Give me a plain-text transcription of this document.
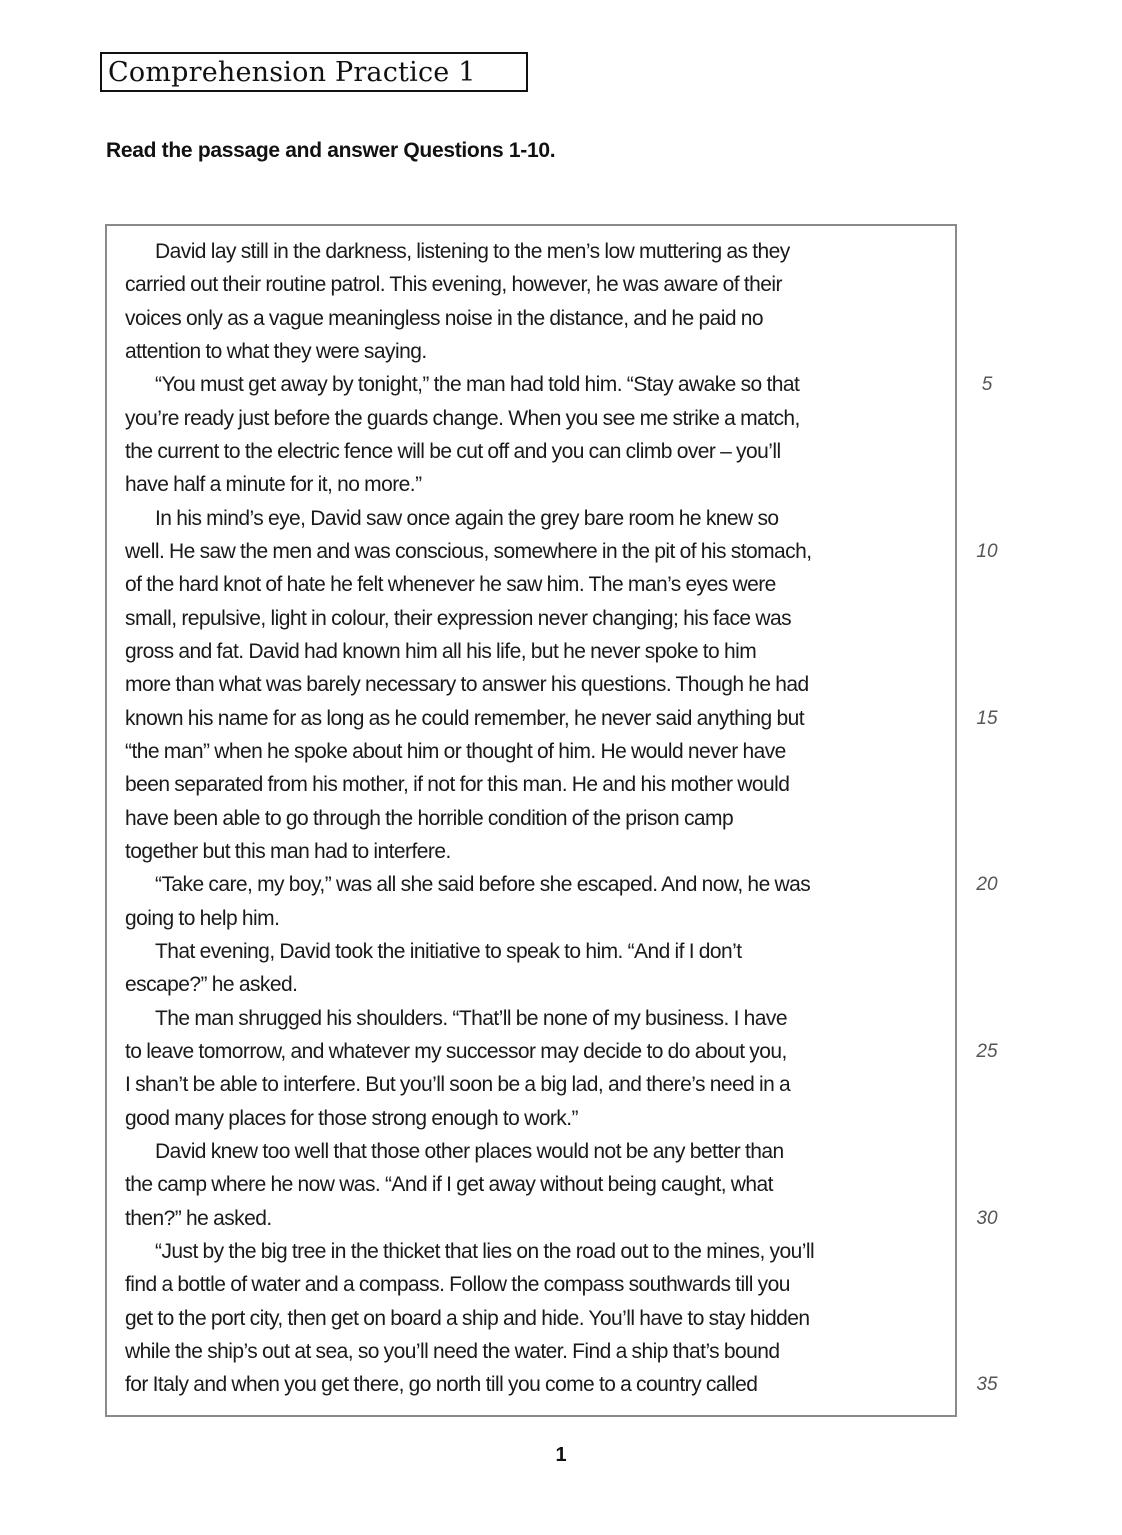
Comprehension Practice 1
Read the passage and answer Questions 1-10.
David lay still in the darkness, listening to the men’s low muttering as they
carried out their routine patrol. This evening, however, he was aware of their
voices only as a vague meaningless noise in the distance, and he paid no
attention to what they were saying.
“You must get away by tonight,” the man had told him. “Stay awake so that
you’re ready just before the guards change. When you see me strike a match,
the current to the electric fence will be cut off and you can climb over – you’ll
have half a minute for it, no more.”
In his mind’s eye, David saw once again the grey bare room he knew so
well. He saw the men and was conscious, somewhere in the pit of his stomach,
of the hard knot of hate he felt whenever he saw him. The man’s eyes were
small, repulsive, light in colour, their expression never changing; his face was
gross and fat. David had known him all his life, but he never spoke to him
more than what was barely necessary to answer his questions. Though he had
known his name for as long as he could remember, he never said anything but
“the man” when he spoke about him or thought of him. He would never have
been separated from his mother, if not for this man. He and his mother would
have been able to go through the horrible condition of the prison camp
together but this man had to interfere.
“Take care, my boy,” was all she said before she escaped. And now, he was
going to help him.
That evening, David took the initiative to speak to him. “And if I don’t
escape?” he asked.
The man shrugged his shoulders. “That’ll be none of my business. I have
to leave tomorrow, and whatever my successor may decide to do about you,
I shan’t be able to interfere. But you’ll soon be a big lad, and there’s need in a
good many places for those strong enough to work.”
David knew too well that those other places would not be any better than
the camp where he now was. “And if I get away without being caught, what
then?” he asked.
“Just by the big tree in the thicket that lies on the road out to the mines, you’ll
find a bottle of water and a compass. Follow the compass southwards till you
get to the port city, then get on board a ship and hide. You’ll have to stay hidden
while the ship’s out at sea, so you’ll need the water. Find a ship that’s bound
for Italy and when you get there, go north till you come to a country called
5
10
15
20
25
30
35
1
